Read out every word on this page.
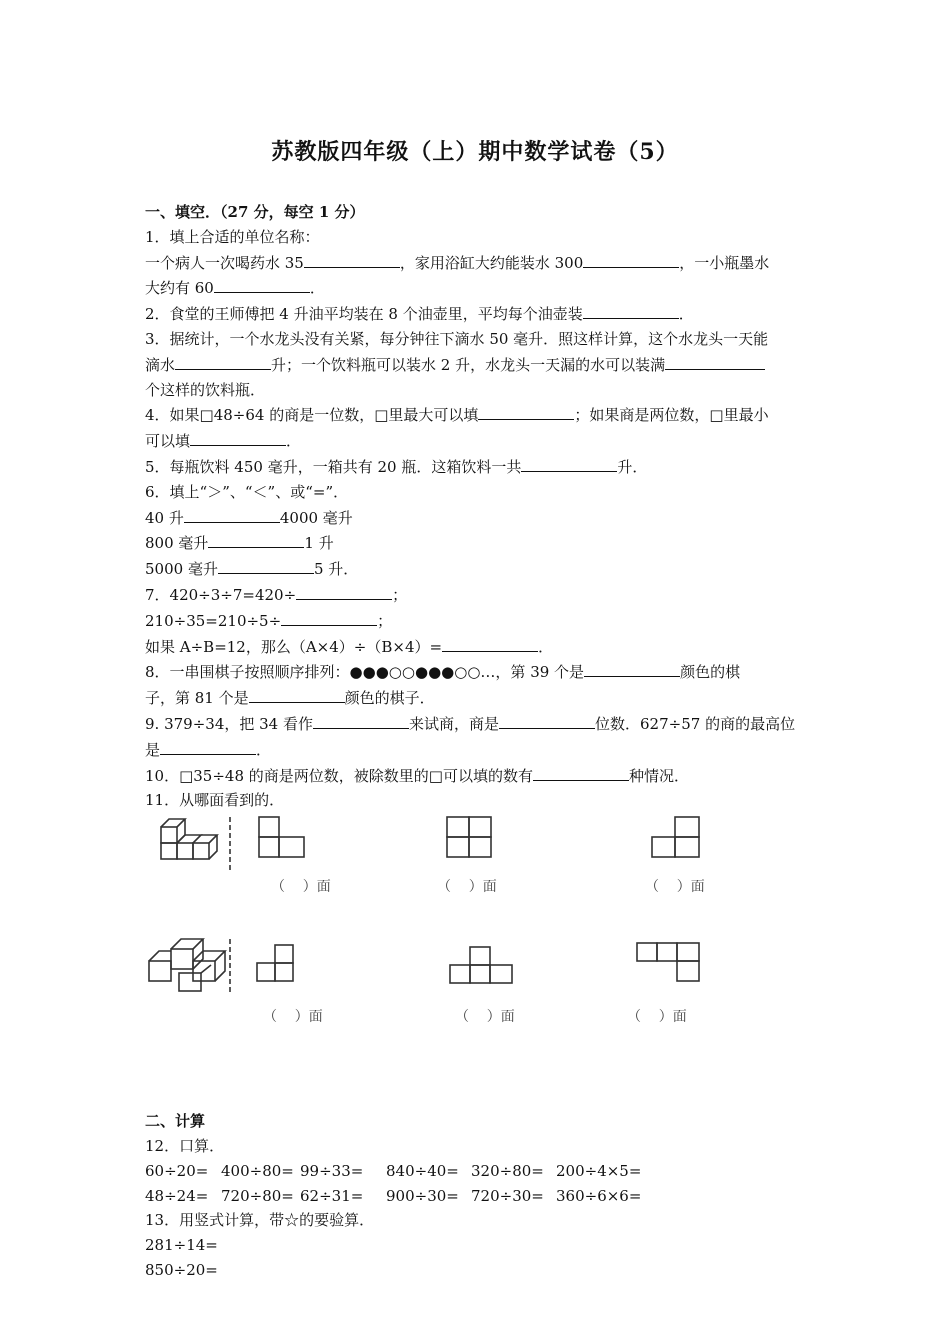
苏教版四年级（上）期中数学试卷（5）

一、填空．（27 分，每空 1 分）

1．填上合适的单位名称：

一个病人一次喝药水 35	，家用浴缸大约能装水 300	，一小瓶墨水

大约有 60	．

2．食堂的王师傅把 4 升油平均装在 8 个油壶里，平均每个油壶装	．

3．据统计，一个水龙头没有关紧，每分钟往下滴水 50 毫升．照这样计算，这个水龙头一天能

滴水	升；一个饮料瓶可以装水 2 升，水龙头一天漏的水可以装满

个这样的饮料瓶．

4．如果□48÷64 的商是一位数，□里最大可以填	；如果商是两位数，□里最小

可以填	．

5．每瓶饮料 450 毫升，一箱共有 20 瓶．这箱饮料一共	升．

6．填上“＞”、“＜”、或“=”．

40 升	4000 毫升

800 毫升	1 升

5000 毫升	5 升．

7．420÷3÷7=420÷	；

210÷35=210÷5÷	；

如果 A÷B=12，那么（A×4）÷（B×4）=	．

8．一串围棋子按照顺序排列：●●●○○●●●○○…，第 39 个是	颜色的棋

子，第 81 个是	颜色的棋子．

9. 379÷34，把 34 看作	来试商，商是	位数．627÷57 的商的最高位

是	．

10．□35÷48 的商是两位数，被除数里的□可以填的数有	种情况．

11．从哪面看到的．

（    ）面	（    ）面	（    ）面
（    ）面	（    ）面	（    ）面

二、计算

12．口算．

60÷20= 400÷80= 99÷33= 840÷40= 320÷80= 200÷4×5=

48÷24= 720÷80= 62÷31= 900÷30= 720÷30= 360÷6×6=

13．用竖式计算，带☆的要验算．

281÷14=

850÷20=
